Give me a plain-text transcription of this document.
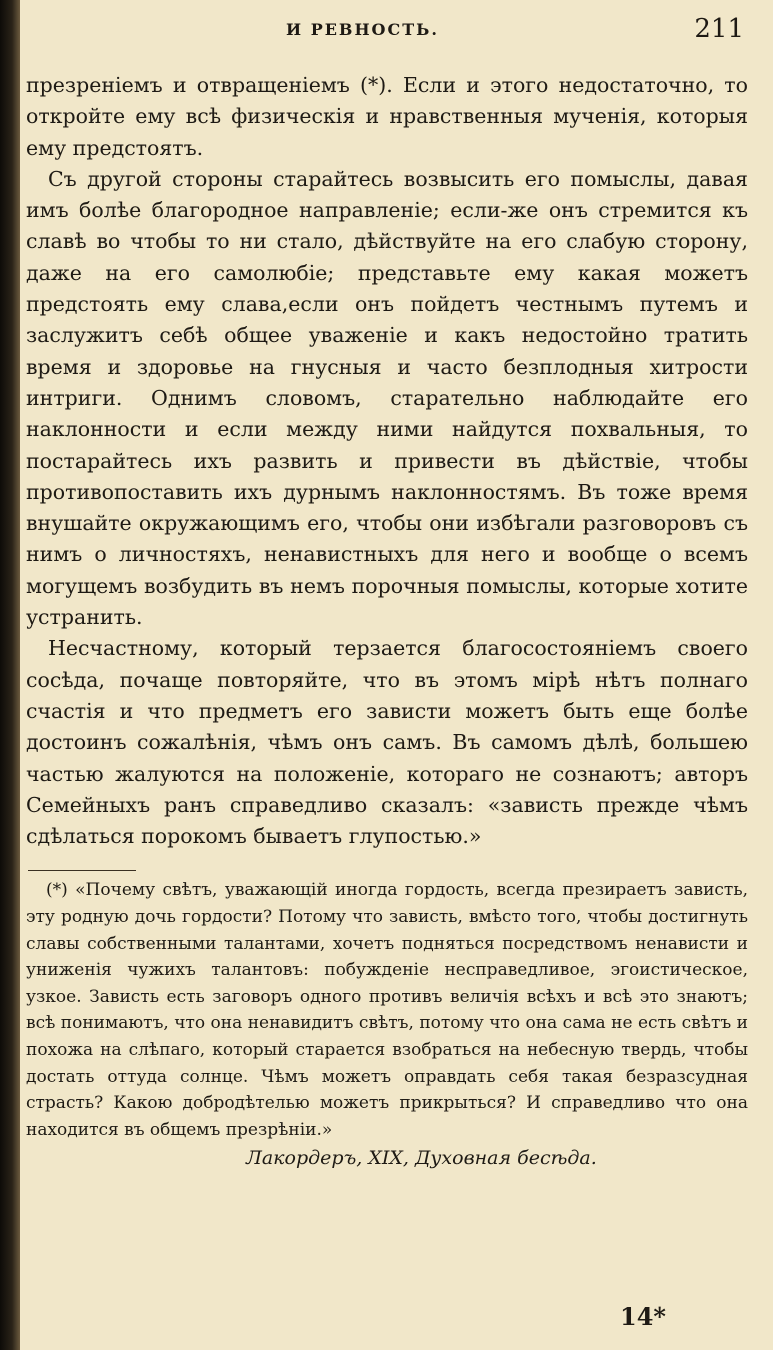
И РЕВНОСТЬ.	211

презреніемъ и отвращеніемъ (*). Если и этого недостаточно, то откройте ему всѣ физическія и нравственныя мученія, которыя ему предстоятъ.

Съ другой стороны старайтесь возвысить его помыслы, давая имъ болѣе благородное направленіе; если-же онъ стремится къ славѣ во чтобы то ни стало, дѣйствуйте на его слабую сторону, даже на его самолюбіе; представьте ему какая можетъ предстоять ему слава,если онъ пойдетъ честнымъ путемъ и заслужитъ себѣ общее уваженіе и какъ недостойно тратить время и здоровье на гнусныя и часто безплодныя хитрости интриги. Однимъ словомъ, старательно наблюдайте его наклонности и если между ними найдутся похвальныя, то постарайтесь ихъ развить и привести въ дѣйствіе, чтобы противопоставить ихъ дурнымъ наклонностямъ. Въ тоже время внушайте окружающимъ его, чтобы они избѣгали разговоровъ съ нимъ о личностяхъ, ненавистныхъ для него и вообще о всемъ могущемъ возбудить въ немъ порочныя помыслы, которые хотите устранить.

Несчастному, который терзается благосостояніемъ своего сосѣда, почаще повторяйте, что въ этомъ мірѣ нѣтъ полнаго счастія и что предметъ его зависти можетъ быть еще болѣе достоинъ сожалѣнія, чѣмъ онъ самъ. Въ самомъ дѣлѣ, большею частью жалуются на положеніе, котораго не сознаютъ; авторъ Семейныхъ ранъ справедливо сказалъ: «зависть прежде чѣмъ сдѣлаться порокомъ бываетъ глупостью.»

(*) «Почему свѣтъ, уважающій иногда гордость, всегда презираетъ зависть, эту родную дочь гордости? Потому что зависть, вмѣсто того, чтобы достигнуть славы собственными талантами, хочетъ подняться посредствомъ ненависти и униженія чужихъ талантовъ: побужденіе несправедливое, эгоистическое, узкое. Зависть есть заговоръ одного противъ величія всѣхъ и всѣ это знаютъ; всѣ понимаютъ, что она ненавидитъ свѣтъ, потому что она сама не есть свѣтъ и похожа на слѣпаго, который старается взобраться на небесную твердь, чтобы достать оттуда солнце. Чѣмъ можетъ оправдать себя такая безразсудная страсть? Какою добродѣтелью можетъ прикрыться? И справедливо что она находится въ общемъ презрѣніи.»

Лакордеръ, XIX, Духовная бесѣда.
14*
